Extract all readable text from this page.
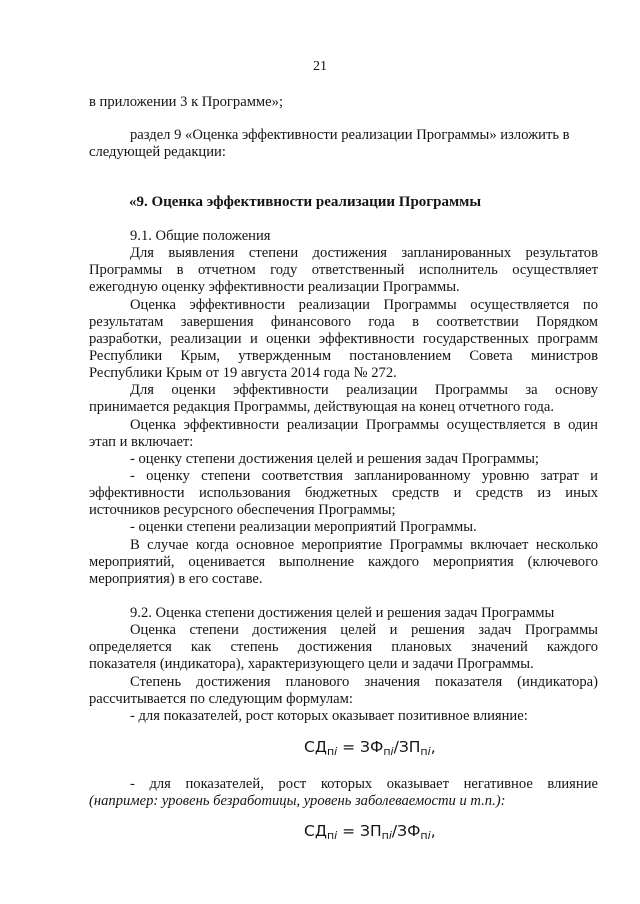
21
в приложении 3 к Программе»;
раздел 9 «Оценка эффективности реализации Программы» изложить в
следующей редакции:
«9. Оценка эффективности реализации Программы
9.1. Общие положения
Для выявления степени достижения запланированных результатов
Программы в отчетном году ответственный исполнитель осуществляет
ежегодную оценку эффективности реализации Программы.
Оценка эффективности реализации Программы осуществляется по
результатам завершения финансового года в соответствии Порядком
разработки, реализации и оценки эффективности государственных программ
Республики Крым, утвержденным постановлением Совета министров
Республики Крым от 19 августа 2014 года № 272.
Для оценки эффективности реализации Программы за основу
принимается редакция Программы, действующая на конец отчетного года.
Оценка эффективности реализации Программы осуществляется в один
этап и включает:
- оценку степени достижения целей и решения задач Программы;
- оценку степени соответствия запланированному уровню затрат и
эффективности использования бюджетных средств и средств из иных
источников ресурсного обеспечения Программы;
- оценки степени реализации мероприятий Программы.
В случае когда основное мероприятие Программы включает несколько
мероприятий, оценивается выполнение каждого мероприятия (ключевого
мероприятия) в его составе.
9.2. Оценка степени достижения целей и решения задач Программы
Оценка степени достижения целей и решения задач Программы
определяется как степень достижения плановых значений каждого
показателя (индикатора), характеризующего цели и задачи Программы.
Степень достижения планового значения показателя (индикатора)
рассчитывается по следующим формулам:
- для показателей, рост которых оказывает позитивное влияние:
$СД_{пi} = ЗФ_{пi}/ЗП_{пi}$,
- для показателей, рост которых оказывает негативное влияние
(например: уровень безработицы, уровень заболеваемости и т.п.):
$СД_{пi} = ЗП_{пi}/ЗФ_{пi}$,
